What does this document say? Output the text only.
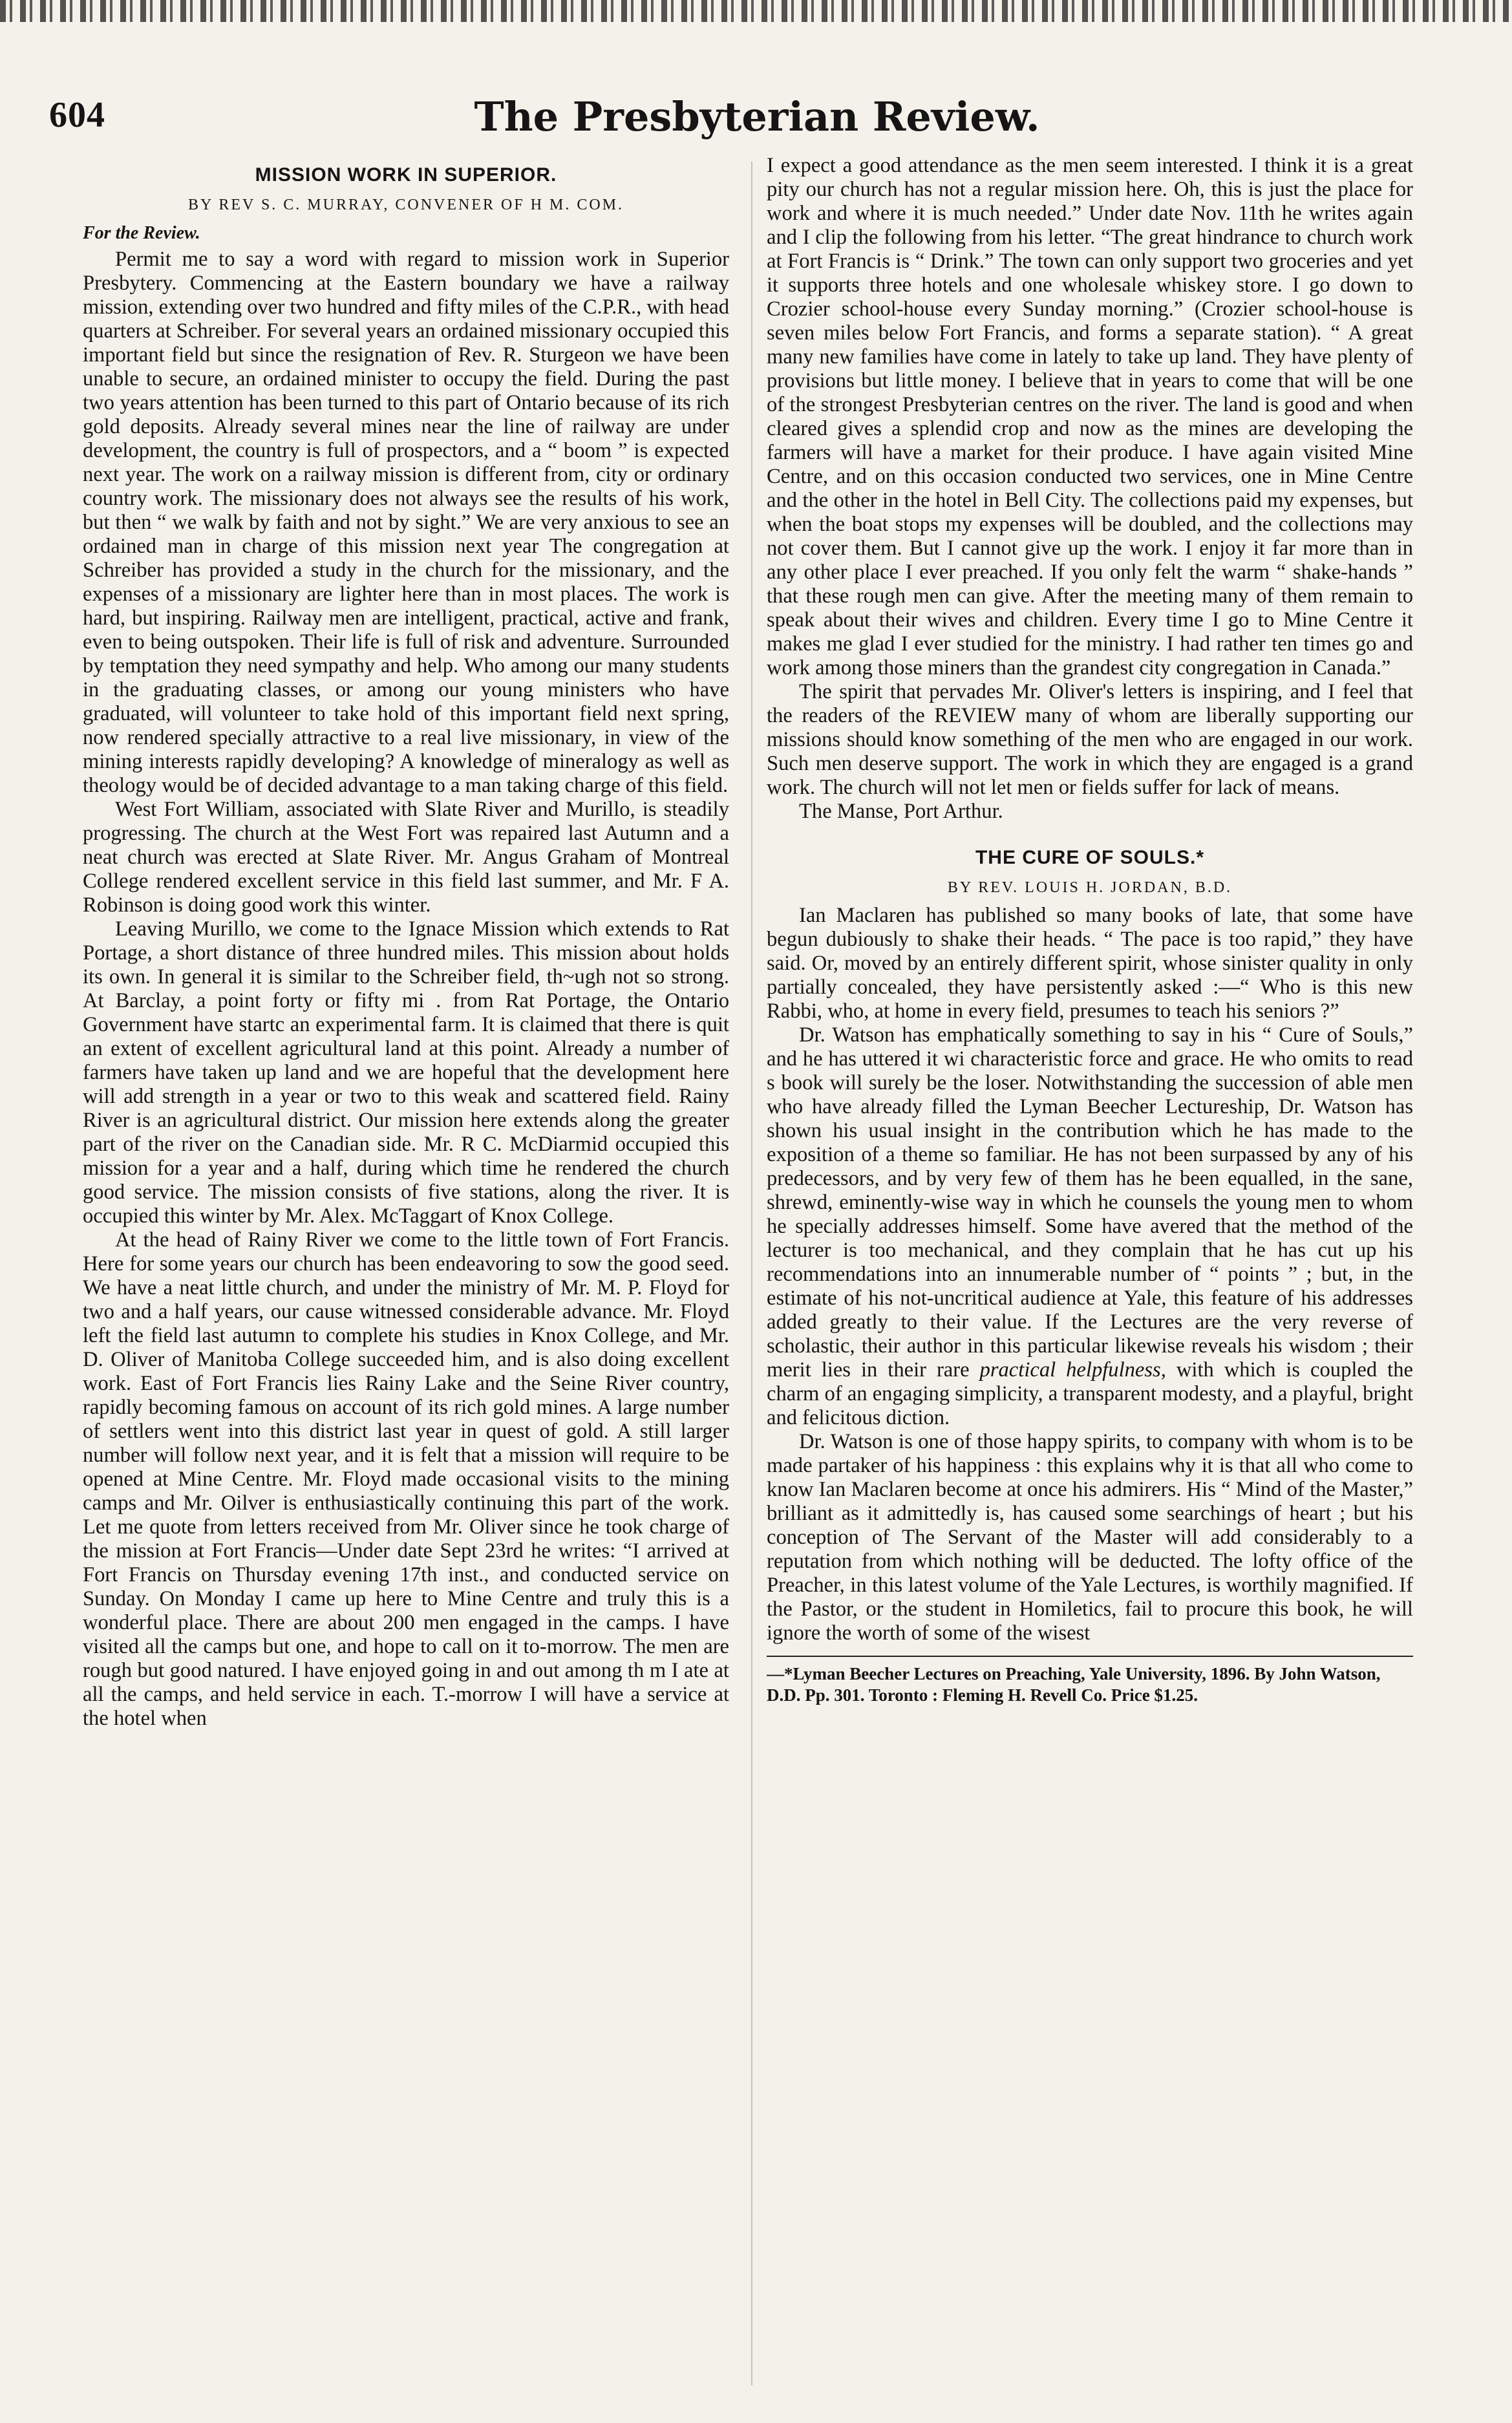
604	The Presbyterian Review.
MISSION WORK IN SUPERIOR.
BY REV S. C. MURRAY, CONVENER OF H M. COM.
For the Review.

Permit me to say a word with regard to mission work in Superior Presbytery. Commencing at the Eastern boundary we have a railway mission, extending over two hundred and fifty miles of the C.P.R., with head quarters at Schreiber. For several years an ordained missionary occupied this important field but since the resignation of Rev. R. Sturgeon we have been unable to secure, an ordained minister to occupy the field. During the past two years attention has been turned to this part of Ontario because of its rich gold deposits. Already several mines near the line of railway are under development, the country is full of prospectors, and a “ boom ” is expected next year. The work on a railway mission is different from, city or ordinary country work. The missionary does not always see the results of his work, but then “ we walk by faith and not by sight.” We are very anxious to see an ordained man in charge of this mission next year The congregation at Schreiber has provided a study in the church for the missionary, and the expenses of a missionary are lighter here than in most places. The work is hard, but inspiring. Railway men are intelligent, practical, active and frank, even to being outspoken. Their life is full of risk and adventure. Surrounded by temptation they need sympathy and help. Who among our many students in the graduating classes, or among our young ministers who have graduated, will volunteer to take hold of this important field next spring, now rendered specially attractive to a real live missionary, in view of the mining interests rapidly developing? A knowledge of mineralogy as well as theology would be of decided advantage to a man taking charge of this field.

West Fort William, associated with Slate River and Murillo, is steadily progressing. The church at the West Fort was repaired last Autumn and a neat church was erected at Slate River. Mr. Angus Graham of Montreal College rendered excellent service in this field last summer, and Mr. F A. Robinson is doing good work this winter.

Leaving Murillo, we come to the Ignace Mission which extends to Rat Portage, a short distance of three hundred miles. This mission about holds its own. In general it is similar to the Schreiber field, th~ugh not so strong. At Barclay, a point forty or fifty mi . from Rat Portage, the Ontario Government have startc an experimental farm. It is claimed that there is quit an extent of excellent agricultural land at this point. Already a number of farmers have taken up land and we are hopeful that the development here will add strength in a year or two to this weak and scattered field. Rainy River is an agricultural district. Our mission here extends along the greater part of the river on the Canadian side. Mr. R C. McDiarmid occupied this mission for a year and a half, during which time he rendered the church good service. The mission consists of five stations, along the river. It is occupied this winter by Mr. Alex. McTaggart of Knox College.

At the head of Rainy River we come to the little town of Fort Francis. Here for some years our church has been endeavoring to sow the good seed. We have a neat little church, and under the ministry of Mr. M. P. Floyd for two and a half years, our cause witnessed considerable advance. Mr. Floyd left the field last autumn to complete his studies in Knox College, and Mr. D. Oliver of Manitoba College succeeded him, and is also doing excellent work. East of Fort Francis lies Rainy Lake and the Seine River country, rapidly becoming famous on account of its rich gold mines. A large number of settlers went into this district last year in quest of gold. A still larger number will follow next year, and it is felt that a mission will require to be opened at Mine Centre. Mr. Floyd made occasional visits to the mining camps and Mr. Oilver is enthusiastically continuing this part of the work. Let me quote from letters received from Mr. Oliver since he took charge of the mission at Fort Francis—Under date Sept 23rd he writes: “I arrived at Fort Francis on Thursday evening 17th inst., and conducted service on Sunday. On Monday I came up here to Mine Centre and truly this is a wonderful place. There are about 200 men engaged in the camps. I have visited all the camps but one, and hope to call on it to-morrow. The men are rough but good natured. I have enjoyed going in and out among th m I ate at all the camps, and held service in each. T.-morrow I will have a service at the hotel when

I expect a good attendance as the men seem interested. I think it is a great pity our church has not a regular mission here. Oh, this is just the place for work and where it is much needed.” Under date Nov. 11th he writes again and I clip the following from his letter. “The great hindrance to church work at Fort Francis is “ Drink.” The town can only support two groceries and yet it supports three hotels and one wholesale whiskey store. I go down to Crozier school-house every Sunday morning.” (Crozier school-house is seven miles below Fort Francis, and forms a separate station). “ A great many new families have come in lately to take up land. They have plenty of provisions but little money. I believe that in years to come that will be one of the strongest Presbyterian centres on the river. The land is good and when cleared gives a splendid crop and now as the mines are developing the farmers will have a market for their produce. I have again visited Mine Centre, and on this occasion conducted two services, one in Mine Centre and the other in the hotel in Bell City. The collections paid my expenses, but when the boat stops my expenses will be doubled, and the collections may not cover them. But I cannot give up the work. I enjoy it far more than in any other place I ever preached. If you only felt the warm “ shake-hands ” that these rough men can give. After the meeting many of them remain to speak about their wives and children. Every time I go to Mine Centre it makes me glad I ever studied for the ministry. I had rather ten times go and work among those miners than the grandest city congregation in Canada.”

The spirit that pervades Mr. Oliver's letters is inspiring, and I feel that the readers of the REVIEW many of whom are liberally supporting our missions should know something of the men who are engaged in our work. Such men deserve support. The work in which they are engaged is a grand work. The church will not let men or fields suffer for lack of means.

The Manse, Port Arthur.

THE CURE OF SOULS.*
BY REV. LOUIS H. JORDAN, B.D.

Ian Maclaren has published so many books of late, that some have begun dubiously to shake their heads. “ The pace is too rapid,” they have said. Or, moved by an entirely different spirit, whose sinister quality in only partially concealed, they have persistently asked :—“ Who is this new Rabbi, who, at home in every field, presumes to teach his seniors ?”

Dr. Watson has emphatically something to say in his “ Cure of Souls,” and he has uttered it wi characteristic force and grace. He who omits to read s book will surely be the loser. Notwithstanding the succession of able men who have already filled the Lyman Beecher Lectureship, Dr. Watson has shown his usual insight in the contribution which he has made to the exposition of a theme so familiar. He has not been surpassed by any of his predecessors, and by very few of them has he been equalled, in the sane, shrewd, eminently-wise way in which he counsels the young men to whom he specially addresses himself. Some have avered that the method of the lecturer is too mechanical, and they complain that he has cut up his recommendations into an innumerable number of “ points ” ; but, in the estimate of his not-uncritical audience at Yale, this feature of his addresses added greatly to their value. If the Lectures are the very reverse of scholastic, their author in this particular likewise reveals his wisdom ; their merit lies in their rare practical helpfulness, with which is coupled the charm of an engaging simplicity, a transparent modesty, and a playful, bright and felicitous diction.

Dr. Watson is one of those happy spirits, to company with whom is to be made partaker of his happiness : this explains why it is that all who come to know Ian Maclaren become at once his admirers. His “ Mind of the Master,” brilliant as it admittedly is, has caused some searchings of heart ; but his conception of The Servant of the Master will add considerably to a reputation from which nothing will be deducted. The lofty office of the Preacher, in this latest volume of the Yale Lectures, is worthily magnified. If the Pastor, or the student in Homiletics, fail to procure this book, he will ignore the worth of some of the wisest

—*Lyman Beecher Lectures on Preaching, Yale University, 1896. By John Watson, D.D. Pp. 301. Toronto : Fleming H. Revell Co. Price $1.25.
